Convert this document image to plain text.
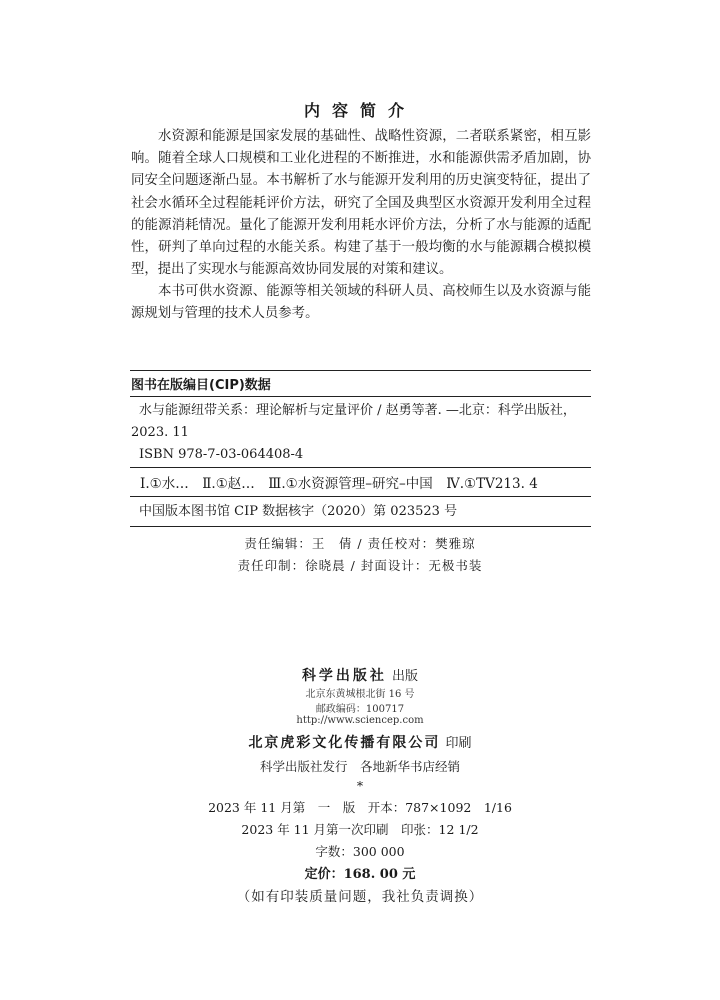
内容简介
水资源和能源是国家发展的基础性、战略性资源，二者联系紧密，相互影响。随着全球人口规模和工业化进程的不断推进，水和能源供需矛盾加剧，协同安全问题逐渐凸显。本书解析了水与能源开发利用的历史演变特征，提出了社会水循环全过程能耗评价方法，研究了全国及典型区水资源开发利用全过程的能源消耗情况。量化了能源开发利用耗水评价方法，分析了水与能源的适配性，研判了单向过程的水能关系。构建了基于一般均衡的水与能源耦合模拟模型，提出了实现水与能源高效协同发展的对策和建议。
本书可供水资源、能源等相关领域的科研人员、高校师生以及水资源与能源规划与管理的技术人员参考。
图书在版编目(CIP)数据
水与能源纽带关系：理论解析与定量评价 / 赵勇等著. —北京：科学出版社，2023. 11
ISBN 978-7-03-064408-4
Ⅰ.①水…　Ⅱ.①赵…　Ⅲ.①水资源管理–研究–中国　Ⅳ.①TV213. 4
中国版本图书馆 CIP 数据核字（2020）第 023523 号
责任编辑：王　倩 / 责任校对：樊雅琼
责任印制：徐晓晨 / 封面设计：无极书装
科学出版社 出版
北京东黄城根北街 16 号
邮政编码：100717
http://www.sciencep.com
北京虎彩文化传播有限公司 印刷
科学出版社发行　各地新华书店经销
*
2023 年 11 月第　一　版　开本：787×1092　1/16
2023 年 11 月第一次印刷　印张：12 1/2
字数：300 000
定价：168. 00 元
（如有印装质量问题，我社负责调换）
